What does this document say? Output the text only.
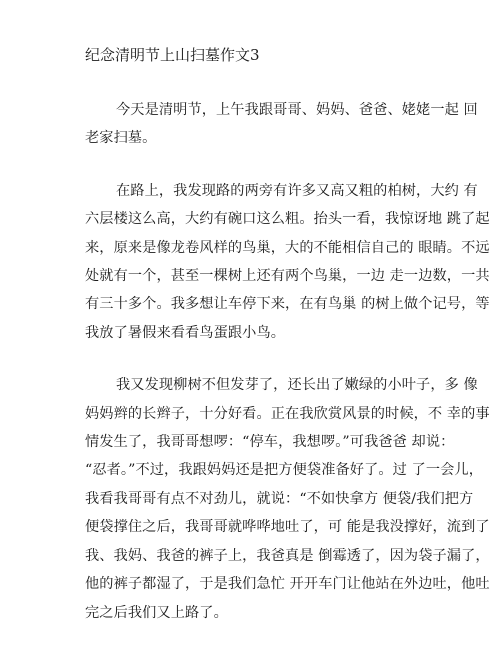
纪念清明节上山扫墓作文3
今天是清明节，上午我跟哥哥、妈妈、爸爸、姥姥一起 回
老家扫墓。
在路上，我发现路的两旁有许多又高又粗的柏树，大约 有
六层楼这么高，大约有碗口这么粗。抬头一看，我惊讶地 跳了起
来，原来是像龙卷风样的鸟巢，大的不能相信自己的 眼睛。不远
处就有一个，甚至一棵树上还有两个鸟巢，一边 走一边数，一共
有三十多个。我多想让车停下来，在有鸟巢 的树上做个记号，等
我放了暑假来看看鸟蛋跟小鸟。
我又发现柳树不但发芽了，还长出了嫩绿的小叶子，多 像
妈妈辫的长辫子，十分好看。正在我欣赏风景的时候，不 幸的事
情发生了，我哥哥想啰：“停车，我想啰。”可我爸爸 却说：
“忍者。”不过，我跟妈妈还是把方便袋准备好了。过 了一会儿，
我看我哥哥有点不对劲儿，就说：“不如快拿方 便袋/我们把方
便袋撑住之后，我哥哥就哗哗地吐了，可 能是我没撑好，流到了
我、我妈、我爸的裤子上，我爸真是 倒霉透了，因为袋子漏了，
他的裤子都湿了，于是我们急忙 开开车门让他站在外边吐，他吐
完之后我们又上路了。
